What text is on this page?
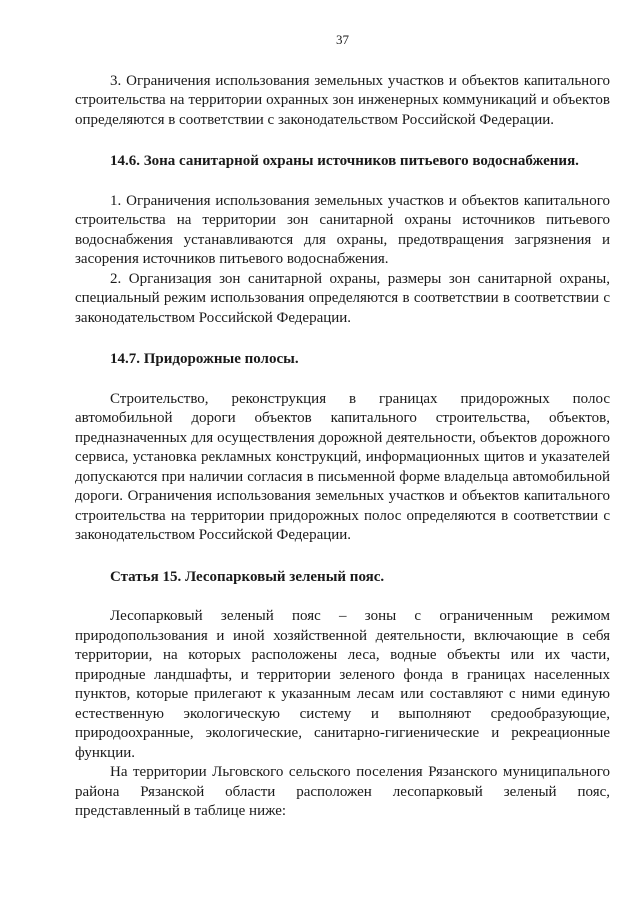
37

3. Ограничения использования земельных участков и объектов капитального строительства на территории охранных зон инженерных коммуникаций и объектов определяются в соответствии с законодательством Российской Федерации.

14.6. Зона санитарной охраны источников питьевого водоснабжения.

1. Ограничения использования земельных участков и объектов капитального строительства на территории зон санитарной охраны источников питьевого водоснабжения устанавливаются для охраны, предотвращения загрязнения и засорения источников питьевого водоснабжения.

2. Организация зон санитарной охраны, размеры зон санитарной охраны, специальный режим использования определяются в соответствии в соответствии с законодательством Российской Федерации.

14.7. Придорожные полосы.

Строительство, реконструкция в границах придорожных полос автомобильной дороги объектов капитального строительства, объектов, предназначенных для осуществления дорожной деятельности, объектов дорожного сервиса, установка рекламных конструкций, информационных щитов и указателей допускаются при наличии согласия в письменной форме владельца автомобильной дороги. Ограничения использования земельных участков и объектов капитального строительства на территории придорожных полос определяются в соответствии с законодательством Российской Федерации.

Статья 15. Лесопарковый зеленый пояс.

Лесопарковый зеленый пояс – зоны с ограниченным режимом природопользования и иной хозяйственной деятельности, включающие в себя территории, на которых расположены леса, водные объекты или их части, природные ландшафты, и территории зеленого фонда в границах населенных пунктов, которые прилегают к указанным лесам или составляют с ними единую естественную экологическую систему и выполняют средообразующие, природоохранные, экологические, санитарно-гигиенические и рекреационные функции.

На территории Льговского сельского поселения Рязанского муниципального района Рязанской области расположен лесопарковый зеленый пояс, представленный в таблице ниже:
